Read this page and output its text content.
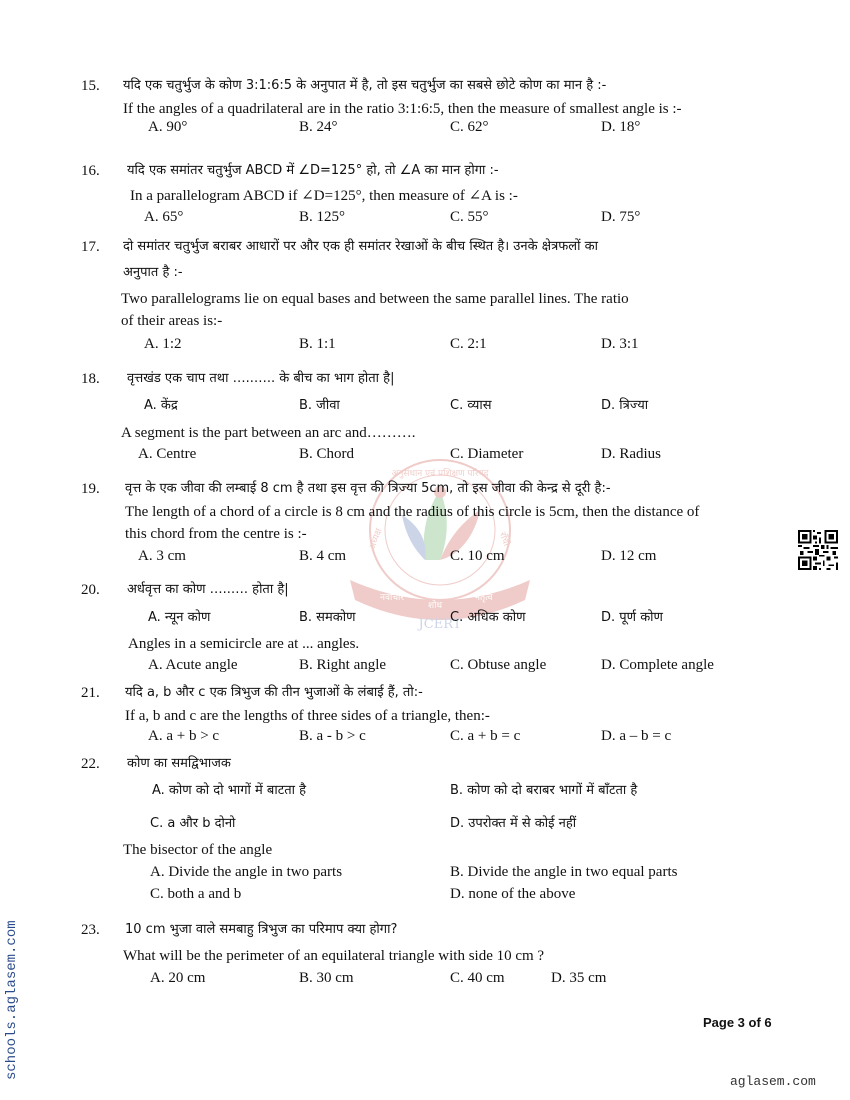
अनुसंधान एवं प्रशिक्षण परिषद
अध्यक्ष	राँची
नवाचार
शोध
नेतृत्व
JCERT
15. यदि एक चतुर्भुज के कोण 3:1:6:5 के अनुपात में है, तो इस चतुर्भुज का सबसे छोटे कोण का मान है :-
If the angles of a quadrilateral are in the ratio 3:1:6:5, then the measure of smallest angle is :-
A. 90°	B. 24°	C. 62°	D. 18°
16. यदि एक समांतर चतुर्भुज ABCD में ∠D=125° हो, तो ∠A का मान होगा :-
In a parallelogram ABCD if ∠D=125°, then measure of ∠A is :-
A. 65°	B. 125°	C. 55°	D. 75°
17. दो समांतर चतुर्भुज बराबर आधारों पर और एक ही समांतर रेखाओं के बीच स्थित है। उनके क्षेत्रफलों का
अनुपात है :-
Two parallelograms lie on equal bases and between the same parallel lines. The ratio
of their areas is:-
A. 1:2	B. 1:1	C. 2:1	D. 3:1
18. वृत्तखंड एक चाप तथा …..….. के बीच का भाग होता है|
A. केंद्र	B. जीवा	C. व्यास	D. त्रिज्या
A segment is the part between an arc and……….
A. Centre	B. Chord	C. Diameter	D. Radius
19. वृत्त के एक जीवा की लम्बाई 8 cm है तथा इस वृत्त की त्रिज्या 5cm, तो इस जीवा की केन्द्र से दूरी है:-
The length of a chord of a circle is 8 cm and the radius of this circle is 5cm, then the distance of
this chord from the centre is :-
A. 3 cm	B. 4 cm	C. 10 cm	D. 12 cm
20. अर्धवृत्त का कोण …..…. होता है|
A. न्यून कोण	B. समकोण	C. अधिक कोण	D. पूर्ण कोण
Angles in a semicircle are at ... angles.
A. Acute angle	B. Right angle	C. Obtuse angle	D. Complete angle
21. यदि a, b और c एक त्रिभुज की तीन भुजाओं के लंबाई हैं, तो:-
If a, b and c are the lengths of three sides of a triangle, then:-
A. a + b > c	B. a - b > c	C. a + b = c	D. a – b = c
22. कोण का समद्विभाजक
A. कोण को दो भागों में बाटता है	B. कोण को दो बराबर भागों में बाँटता है
C. a और b दोनो	D. उपरोक्त में से कोई नहीं
The bisector of the angle
A. Divide the angle in two parts	B. Divide the angle in two equal parts
C. both a and b	D. none of the above
23. 10 cm भुजा वाले समबाहु त्रिभुज का परिमाप क्या होगा?
What will be the perimeter of an equilateral triangle with side 10 cm ?
A. 20 cm	B. 30 cm	C. 40 cm	D. 35 cm
Page 3 of 6
aglasem.com
schools.aglasem.com
